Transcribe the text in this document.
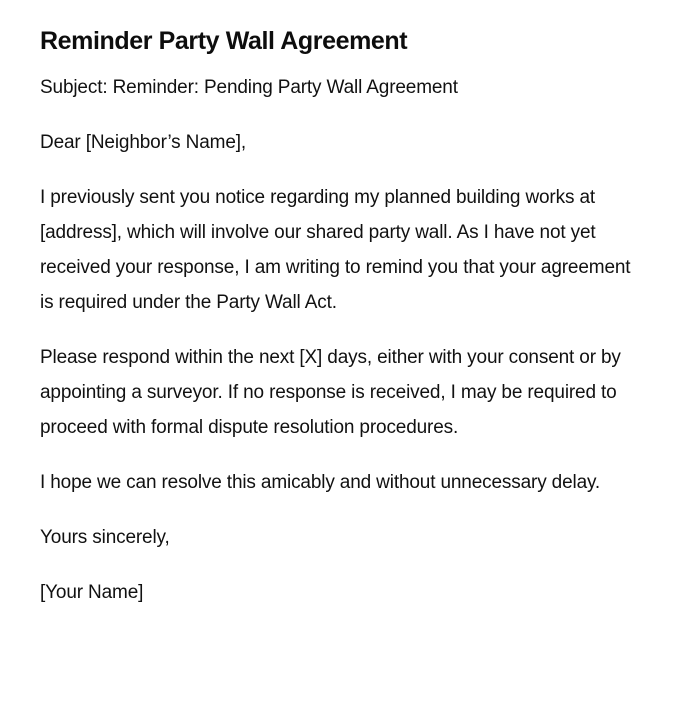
Reminder Party Wall Agreement

Subject: Reminder: Pending Party Wall Agreement

Dear [Neighbor’s Name],

I previously sent you notice regarding my planned building works at [address], which will involve our shared party wall. As I have not yet received your response, I am writing to remind you that your agreement is required under the Party Wall Act.

Please respond within the next [X] days, either with your consent or by appointing a surveyor. If no response is received, I may be required to proceed with formal dispute resolution procedures.

I hope we can resolve this amicably and without unnecessary delay.

Yours sincerely,

[Your Name]
